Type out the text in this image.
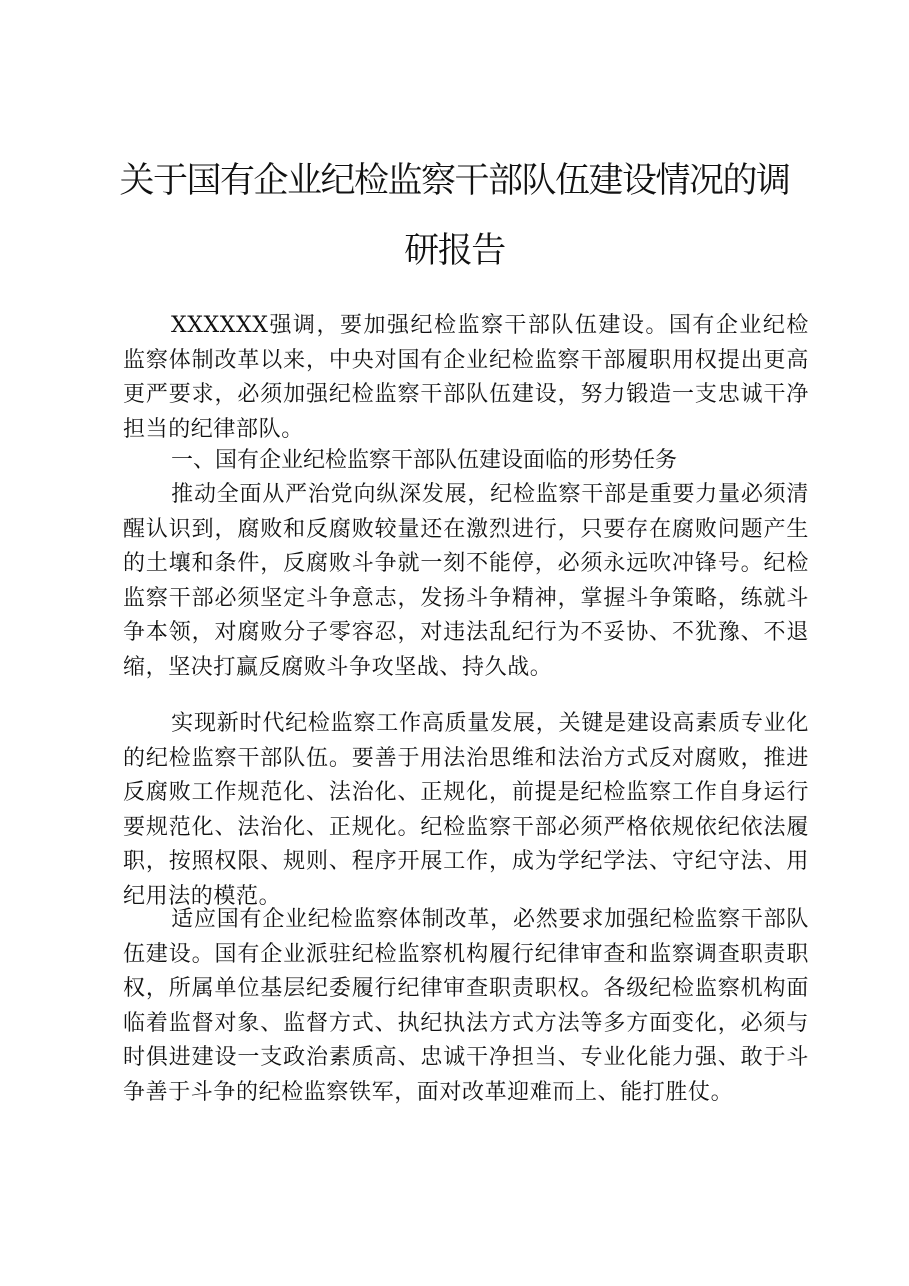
关于国有企业纪检监察干部队伍建设情况的调
研报告
XXXXXX强调，要加强纪检监察干部队伍建设。国有企业纪检监察体制改革以来，中央对国有企业纪检监察干部履职用权提出更高更严要求，必须加强纪检监察干部队伍建设，努力锻造一支忠诚干净担当的纪律部队。
一、国有企业纪检监察干部队伍建设面临的形势任务
推动全面从严治党向纵深发展，纪检监察干部是重要力量必须清醒认识到，腐败和反腐败较量还在激烈进行，只要存在腐败问题产生的土壤和条件，反腐败斗争就一刻不能停，必须永远吹冲锋号。纪检监察干部必须坚定斗争意志，发扬斗争精神，掌握斗争策略，练就斗争本领，对腐败分子零容忍，对违法乱纪行为不妥协、不犹豫、不退缩，坚决打赢反腐败斗争攻坚战、持久战。
实现新时代纪检监察工作高质量发展，关键是建设高素质专业化的纪检监察干部队伍。要善于用法治思维和法治方式反对腐败，推进反腐败工作规范化、法治化、正规化，前提是纪检监察工作自身运行要规范化、法治化、正规化。纪检监察干部必须严格依规依纪依法履职，按照权限、规则、程序开展工作，成为学纪学法、守纪守法、用纪用法的模范。
适应国有企业纪检监察体制改革，必然要求加强纪检监察干部队伍建设。国有企业派驻纪检监察机构履行纪律审查和监察调查职责职权，所属单位基层纪委履行纪律审查职责职权。各级纪检监察机构面临着监督对象、监督方式、执纪执法方式方法等多方面变化，必须与时俱进建设一支政治素质高、忠诚干净担当、专业化能力强、敢于斗争善于斗争的纪检监察铁军，面对改革迎难而上、能打胜仗。
